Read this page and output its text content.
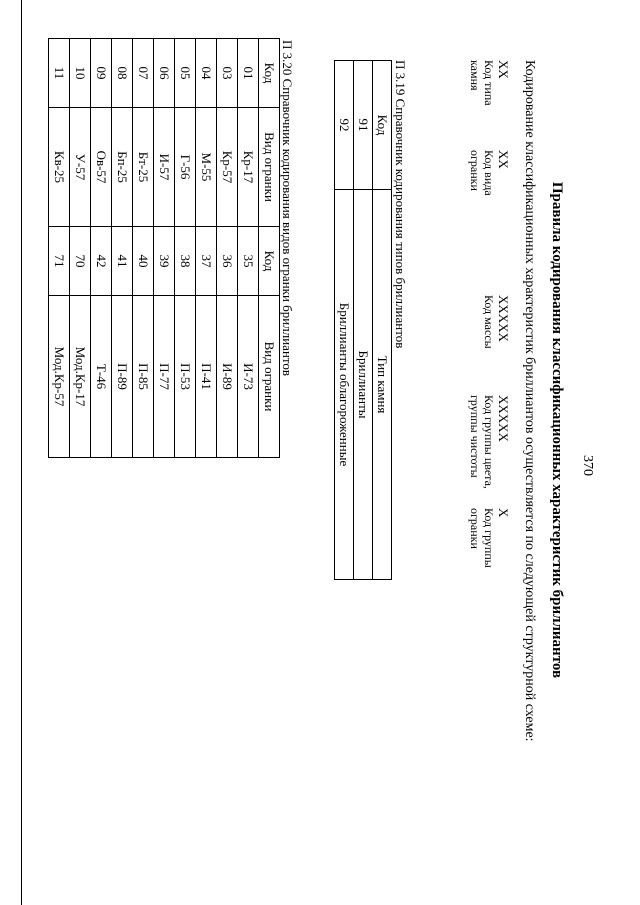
370
Правила кодирования классификационных характеристик бриллиантов
Кодирование классификационных характеристик бриллиантов осуществляется по следующей структурной схеме:
XX
Код типа
камня
XX
Код вида
огранки
XXXXX
Код массы
XXXXX
Код группы цвета,
группы чистоты
X
Код группы
огранки
П 3.19 Справочник кодирования типов бриллиантов
Код	Тип камня
91	Бриллианты
92	Бриллианты облагороженные
П 3.20 Справочник кодирования видов огранки бриллиантов
Код	Вид огранки	Код	Вид огранки
01	Кр-17	35	И-73
03	Кр-57	36	И-89
04	М-55	37	П-41
05	Г-56	38	П-53
06	И-57	39	П-77
07	Бт-25	40	П-85
08	Бп-25	41	П-89
09	Ов-57	42	Т-46
10	У-57	70	Мод.Кр-17
11	Кв-25	71	Мод.Кр-57
